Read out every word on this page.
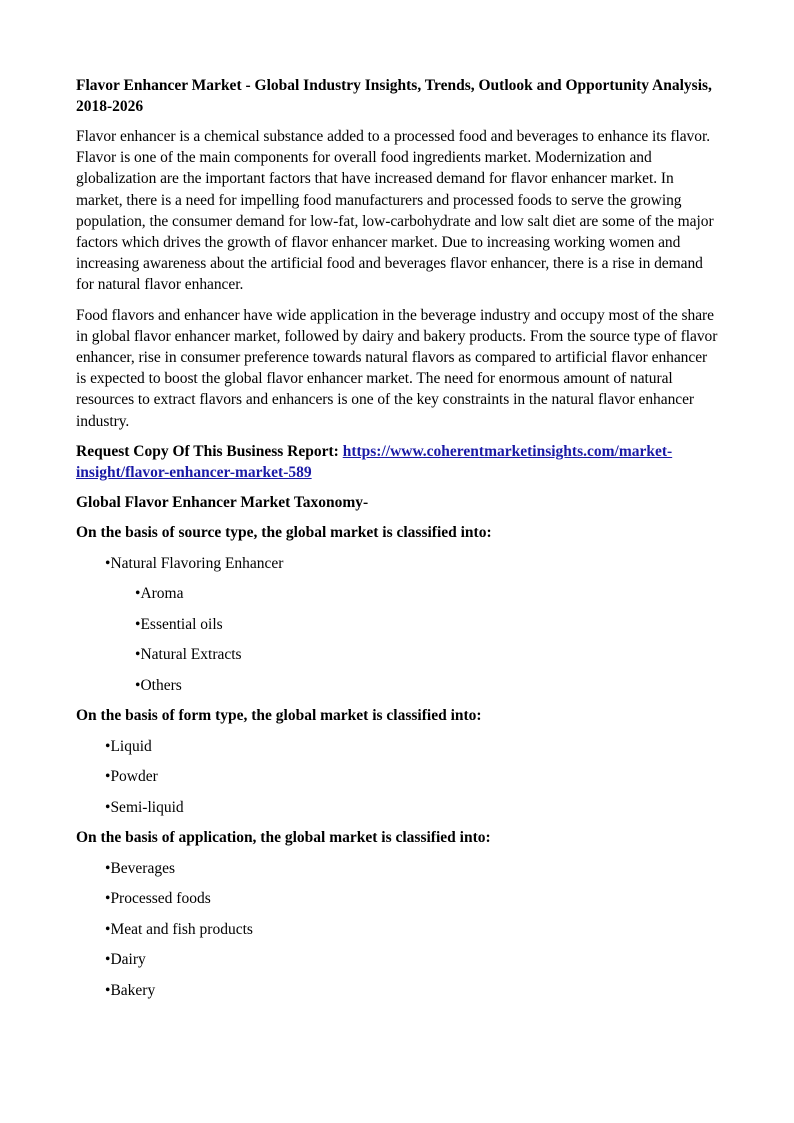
Flavor Enhancer Market - Global Industry Insights, Trends, Outlook and Opportunity Analysis, 2018-2026
Flavor enhancer is a chemical substance added to a processed food and beverages to enhance its flavor. Flavor is one of the main components for overall food ingredients market. Modernization and globalization are the important factors that have increased demand for flavor enhancer market. In market, there is a need for impelling food manufacturers and processed foods to serve the growing population, the consumer demand for low-fat, low-carbohydrate and low salt diet are some of the major factors which drives the growth of flavor enhancer market. Due to increasing working women and increasing awareness about the artificial food and beverages flavor enhancer, there is a rise in demand for natural flavor enhancer.
Food flavors and enhancer have wide application in the beverage industry and occupy most of the share in global flavor enhancer market, followed by dairy and bakery products. From the source type of flavor enhancer, rise in consumer preference towards natural flavors as compared to artificial flavor enhancer is expected to boost the global flavor enhancer market. The need for enormous amount of natural resources to extract flavors and enhancers is one of the key constraints in the natural flavor enhancer industry.
Request Copy Of This Business Report: https://www.coherentmarketinsights.com/market-insight/flavor-enhancer-market-589
Global Flavor Enhancer Market Taxonomy-
On the basis of source type, the global market is classified into:
•Natural Flavoring Enhancer
•Aroma
•Essential oils
•Natural Extracts
•Others
On the basis of form type, the global market is classified into:
•Liquid
•Powder
•Semi-liquid
On the basis of application, the global market is classified into:
•Beverages
•Processed foods
•Meat and fish products
•Dairy
•Bakery
